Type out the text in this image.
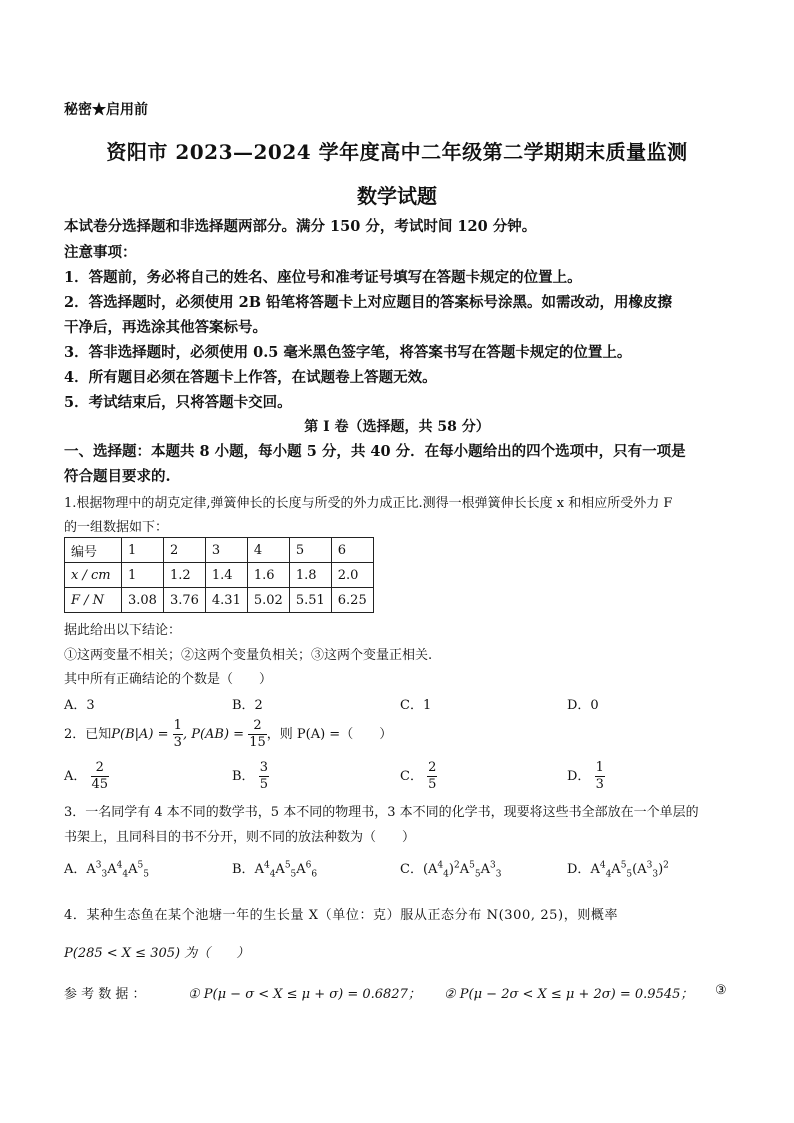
秘密★启用前
资阳市 2023—2024 学年度高中二年级第二学期期末质量监测
数学试题
本试卷分选择题和非选择题两部分。满分 150 分，考试时间 120 分钟。
注意事项：
1．答题前，务必将自己的姓名、座位号和准考证号填写在答题卡规定的位置上。
2．答选择题时，必须使用 2B 铅笔将答题卡上对应题目的答案标号涂黑。如需改动，用橡皮擦
干净后，再选涂其他答案标号。
3．答非选择题时，必须使用 0.5 毫米黑色签字笔，将答案书写在答题卡规定的位置上。
4．所有题目必须在答题卡上作答，在试题卷上答题无效。
5．考试结束后，只将答题卡交回。
第 I 卷（选择题，共 58 分）
一、选择题：本题共 8 小题，每小题 5 分，共 40 分．在每小题给出的四个选项中，只有一项是
符合题目要求的.
1.根据物理中的胡克定律,弹簧伸长的长度与所受的外力成正比.测得一根弹簧伸长长度 x 和相应所受外力 F
的一组数据如下：
编号	1	2	3	4	5	6
x / cm	1	1.2	1.4	1.6	1.8	2.0
F / N	3.08	3.76	4.31	5.02	5.51	6.25
据此给出以下结论：
①这两变量不相关；②这两个变量负相关；③这两个变量正相关.
其中所有正确结论的个数是（　　）
A．3	B．2	C．1	D．0
2．已知$P(B|A) = \frac{1}{3}$ , $P(AB) = \frac{2}{15}$ ，则 P(A) =（　　）
A． $\frac{2}{45}$	B． $\frac{3}{5}$	C． $\frac{2}{5}$	D． $\frac{1}{3}$
3．一名同学有 4 本不同的数学书，5 本不同的物理书，3 本不同的化学书，现要将这些书全部放在一个单层的
书架上，且同科目的书不分开，则不同的放法种数为（　　）
A．$A^3_3A^4_4A^5_5$	B．$A^4_4A^5_5A^6_6$	C．$(A^4_4)^2A^5_5A^3_3$	D．$A^4_4A^5_5(A^3_3)^2$
4．某种生态鱼在某个池塘一年的生长量 X（单位：克）服从正态分布 N(300, 25)，则概率
P(285 < X ≤ 305) 为（　　）
参 考 数 据 ：	① P(μ − σ < X ≤ μ + σ) = 0.6827； ② P(μ − 2σ < X ≤ μ + 2σ) = 0.9545； ③
